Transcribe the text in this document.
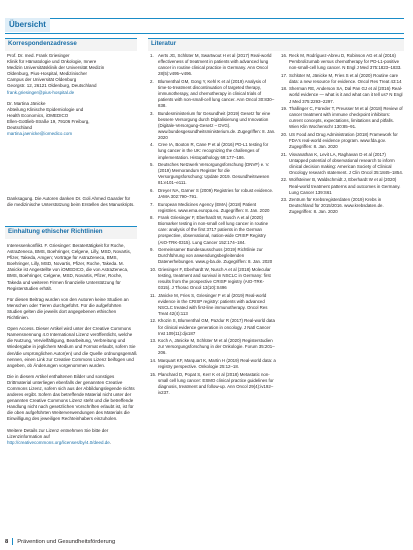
Übersicht
Korrespondenzadresse
Prof. Dr. med. Frank Griesinger
Klinik für Hämatologie und Onkologie, Innere
Medizin Universitätsklinik der Universität Medizin
Oldenburg, Pius-Hospital, Medizinischer
Campus der Universität Oldenburg
Georgstr. 12, 26121 Oldenburg, Deutschland
frank.griesinger@pius-hospital.de
Dr. Martina Jänicke
Abteilung Klinische Epidemiologie und
Health Economics, iOMEDICO
Ellen-Gottlieb-Straße 19, 79106 Freiburg,
Deutschland
martina.jaenicke@iomedico.com
Danksagung. Die Autoren danken Dr. Goli Ahmed Gaarder für die medizinische Unterstützung beim Erstellen des Manuskripts.
Einhaltung ethischer Richtlinien

Interessenkonflikt. F. Griesinger: Beratertätigkeit für Roche, AstraZeneca, BMS, Boehringer, Celgene, Lilly, MSD, Novartis, Pfizer, Takeda, Amgen; Vorträge für AstraZeneca, BMS, Boehringer, Lilly, MSD, Novartis, Pfizer, Roche, Takeda. M. Jänicke ist Angestellte von iOMEDICO, die von AstraZeneca, BMS, Boehringer, Celgene, MSD, Novartis, Pfizer, Roche, Takeda und weiteren Firmen finanzielle Unterstützung für Registerstudien erhält.

Für diesen Beitrag wurden von den Autoren keine Studien an Menschen oder Tieren durchgeführt. Für die aufgeführten Studien gelten die jeweils dort angegebenen ethischen Richtlinien.

Open Access. Dieser Artikel wird unter der Creative Commons Namensnennung 4.0 International Lizenz veröffentlicht, welche die Nutzung, Vervielfältigung, Bearbeitung, Verbreitung und Wiedergabe in jeglichem Medium und Format erlaubt, sofern Sie den/die ursprünglichen Autor(en) und die Quelle ordnungsgemäß nennen, einen Link zur Creative Commons Lizenz beifügen und angeben, ob Änderungen vorgenommen wurden.

Die in diesem Artikel enthaltenen Bilder und sonstiges Drittmaterial unterliegen ebenfalls der genannten Creative Commons Lizenz, sofern sich aus der Abbildungslegende nichts anderes ergibt. Sofern das betreffende Material nicht unter der genannten Creative Commons Lizenz steht und die betreffende Handlung nicht nach gesetzlichen Vorschriften erlaubt ist, ist für die oben aufgeführten Weiterverwendungen des Materials die Einwilligung des jeweiligen Rechteinhabers einzuholen.

Weitere Details zur Lizenz entnehmen Sie bitte der Lizenzinformation auf http://creativecommons.org/licenses/by/4.0/deed.de.

Literatur
1. Aerts JG, Schlüter M, Swartwout H et al (2017) Real-world effectiveness of treatment in patients with advanced lung cancer in routine clinical practice in Germany. Ann Oncol 28(5):v495–v496.
2. Blumenthal GM, Gong Y, Kehl K et al (2019) Analysis of time-to-treatment discontinuation of targeted therapy, immunotherapy, and chemotherapy in clinical trials of patients with non-small-cell lung cancer. Ann Oncol 30:830–838.
3. Bundesministerium für Gesundheit (2019) Gesetz für eine bessere Versorgung durch Digitalisierung und Innovation (Digitale-Versorgung-Gesetz – DVG). www.bundesgesundheitsministerium.de. Zugegriffen: 8. Jan. 2020
4. Cree IA, Booton R, Cane P et al (2016) PD-L1 testing for lung cancer in the UK: recognizing the challenges of implementation. Histopathology 69:177–186.
5. Deutsches Netzwerk Versorgungsforschung (DNVF) e. V. (2019) Memorandum Register für die Versorgungsforschung: Update 2019. Gesundheitswesen 81:e101–e111.
6. Dreyer NA, Garner S (2009) Registries for robust evidence. JAMA 302:790–791.
7. European Medicines Agency (EMA) (2018) Patient registries. www.ema.europa.eu. Zugegriffen: 8. Jan. 2020
8. Frank Griesinger F, Eberhardt W, Nusch A et al (2020) Biomarker testing in non-small cell lung cancer in routine care: analysis of the first 3717 patients in the German prospective, observational, nation-wide CRISP Registry (AIO-TRK-0315). Lung Cancer 152:174–184.
9. Gemeinsamer Bundesausschuss (2019) Richtlinie zur Durchführung von anwendungsbegleitenden Datenerhebungen. www.g-ba.de. Zugegriffen: 8. Jan. 2020
10. Griesinger F, Eberhardt W, Nusch A et al (2018) Molecular testing, treatment and survival in NSCLC in Germany: first results from the prospective CRISP registry (AIO-TRK-0315). J Thorac Oncol 13(10):S496
11. Jänicke M, Fries S, Griesinger F et al (2019) Real-world evidence in the CRISP registry: patients with advanced NSCLC treated with first-line immunotherapy. Oncol Res Treat 42(4):113
12. Khozin S, Blumenthal GM, Pazdur R (2017) Real-world data for clinical evidence generation in oncology. J Natl Cancer Inst 109(11):djx187
13. Koch A, Jänicke M, Schlüter M et al (2020) Registerstudien zur Versorgungsforschung in der Onkologie. Forum 35:201–206.
14. Marquart KF, Marquart K, Martin H (2019) Real-world data: a registry perspective. Onkologie 25:12–18.
15. Planchard D, Popat S, Kerr K et al (2018) Metastatic non-small cell lung cancer: ESMO clinical practice guidelines for diagnosis, treatment and follow-up. Ann Oncol 29(4):iv192–iv237.
16. Reck M, Rodríguez-Abreu D, Robinson AG et al (2016) Pembrolizumab versus chemotherapy for PD-L1-positive non-small-cell lung cancer. N Engl J Med 375:1823–1833.
17. Schlüter M, Jänicke M, Fries S et al (2020) Routine care data: a new resource for evidence. Oncol Res Treat 43:14
18. Sherman RE, Anderson SA, Dal Pan GJ et al (2016) Real-world evidence — what is it and what can it tell us? N Engl J Med 375:2293–2297.
19. Thallinger C, Füreder T, Preusser M et al (2018) Review of cancer treatment with immune checkpoint inhibitors: current concepts, expectations, limitations and pitfalls. Wien Klin Wochenschr 130:85–91.
20. US Food and Drug Administration (2018) Framework for FDA's real-world evidence program. www.fda.gov. Zugegriffen: 8. Jan. 2020
21. Visvanathan K, Levit LA, Raghavan D et al (2017) Untapped potential of observational research to inform clinical decision making: American Society of Clinical Oncology research statement. J Clin Oncol 35:1845–1854.
22. Wolfsteiner B, Waldschmidt J, Eberhardt W et al (2020) Real-world treatment patterns and outcomes in Germany. Lung Cancer 139:S61
23. Zentrum für Krebsregisterdaten (2019) Krebs in Deutschland für 2015/2016. www.krebsdaten.de. Zugegriffen: 8. Jan. 2020
8 Prävention und Gesundheitsförderung
